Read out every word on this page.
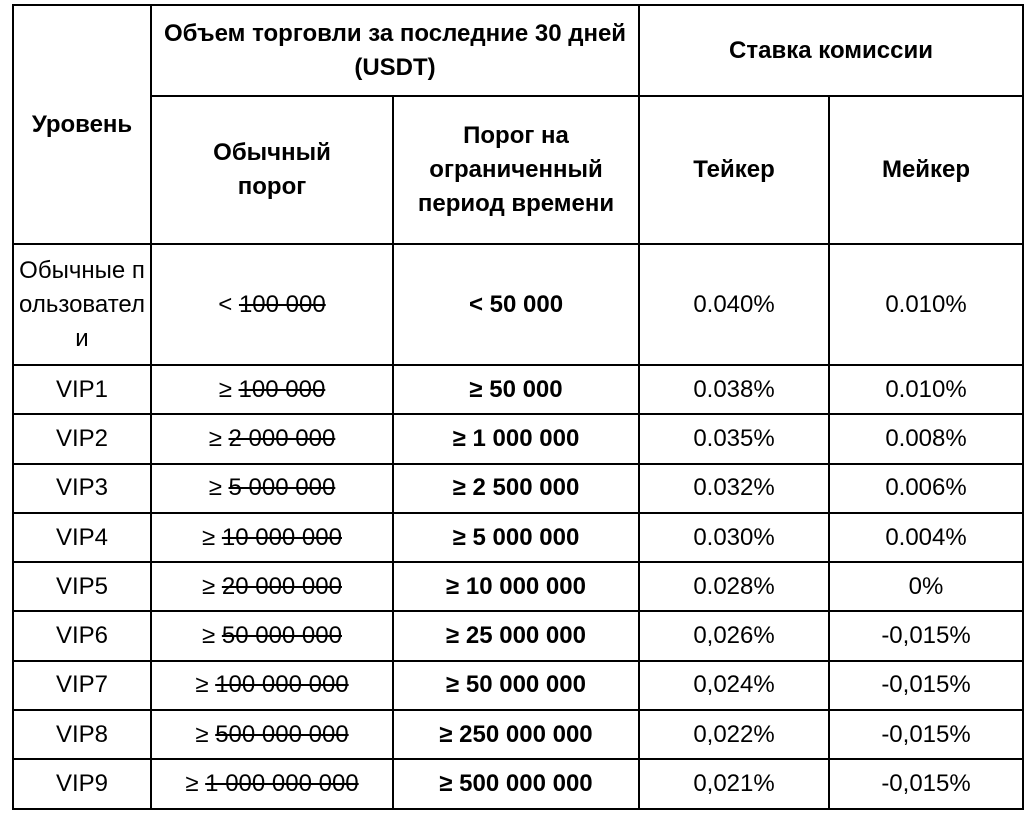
Уровень	Объем торговли за последние 30 дней (USDT)		Ставка комиссии	
	Обычный порог	Порог на ограниченный период времени	Тейкер	Мейкер
Обычные пользователи	< 100 000	< 50 000	0.040%	0.010%
VIP1	≥ 100 000	≥ 50 000	0.038%	0.010%
VIP2	≥ 2 000 000	≥ 1 000 000	0.035%	0.008%
VIP3	≥ 5 000 000	≥ 2 500 000	0.032%	0.006%
VIP4	≥ 10 000 000	≥ 5 000 000	0.030%	0.004%
VIP5	≥ 20 000 000	≥ 10 000 000	0.028%	0%
VIP6	≥ 50 000 000	≥ 25 000 000	0,026%	-0,015%
VIP7	≥ 100 000 000	≥ 50 000 000	0,024%	-0,015%
VIP8	≥ 500 000 000	≥ 250 000 000	0,022%	-0,015%
VIP9	≥ 1 000 000 000	≥ 500 000 000	0,021%	-0,015%
